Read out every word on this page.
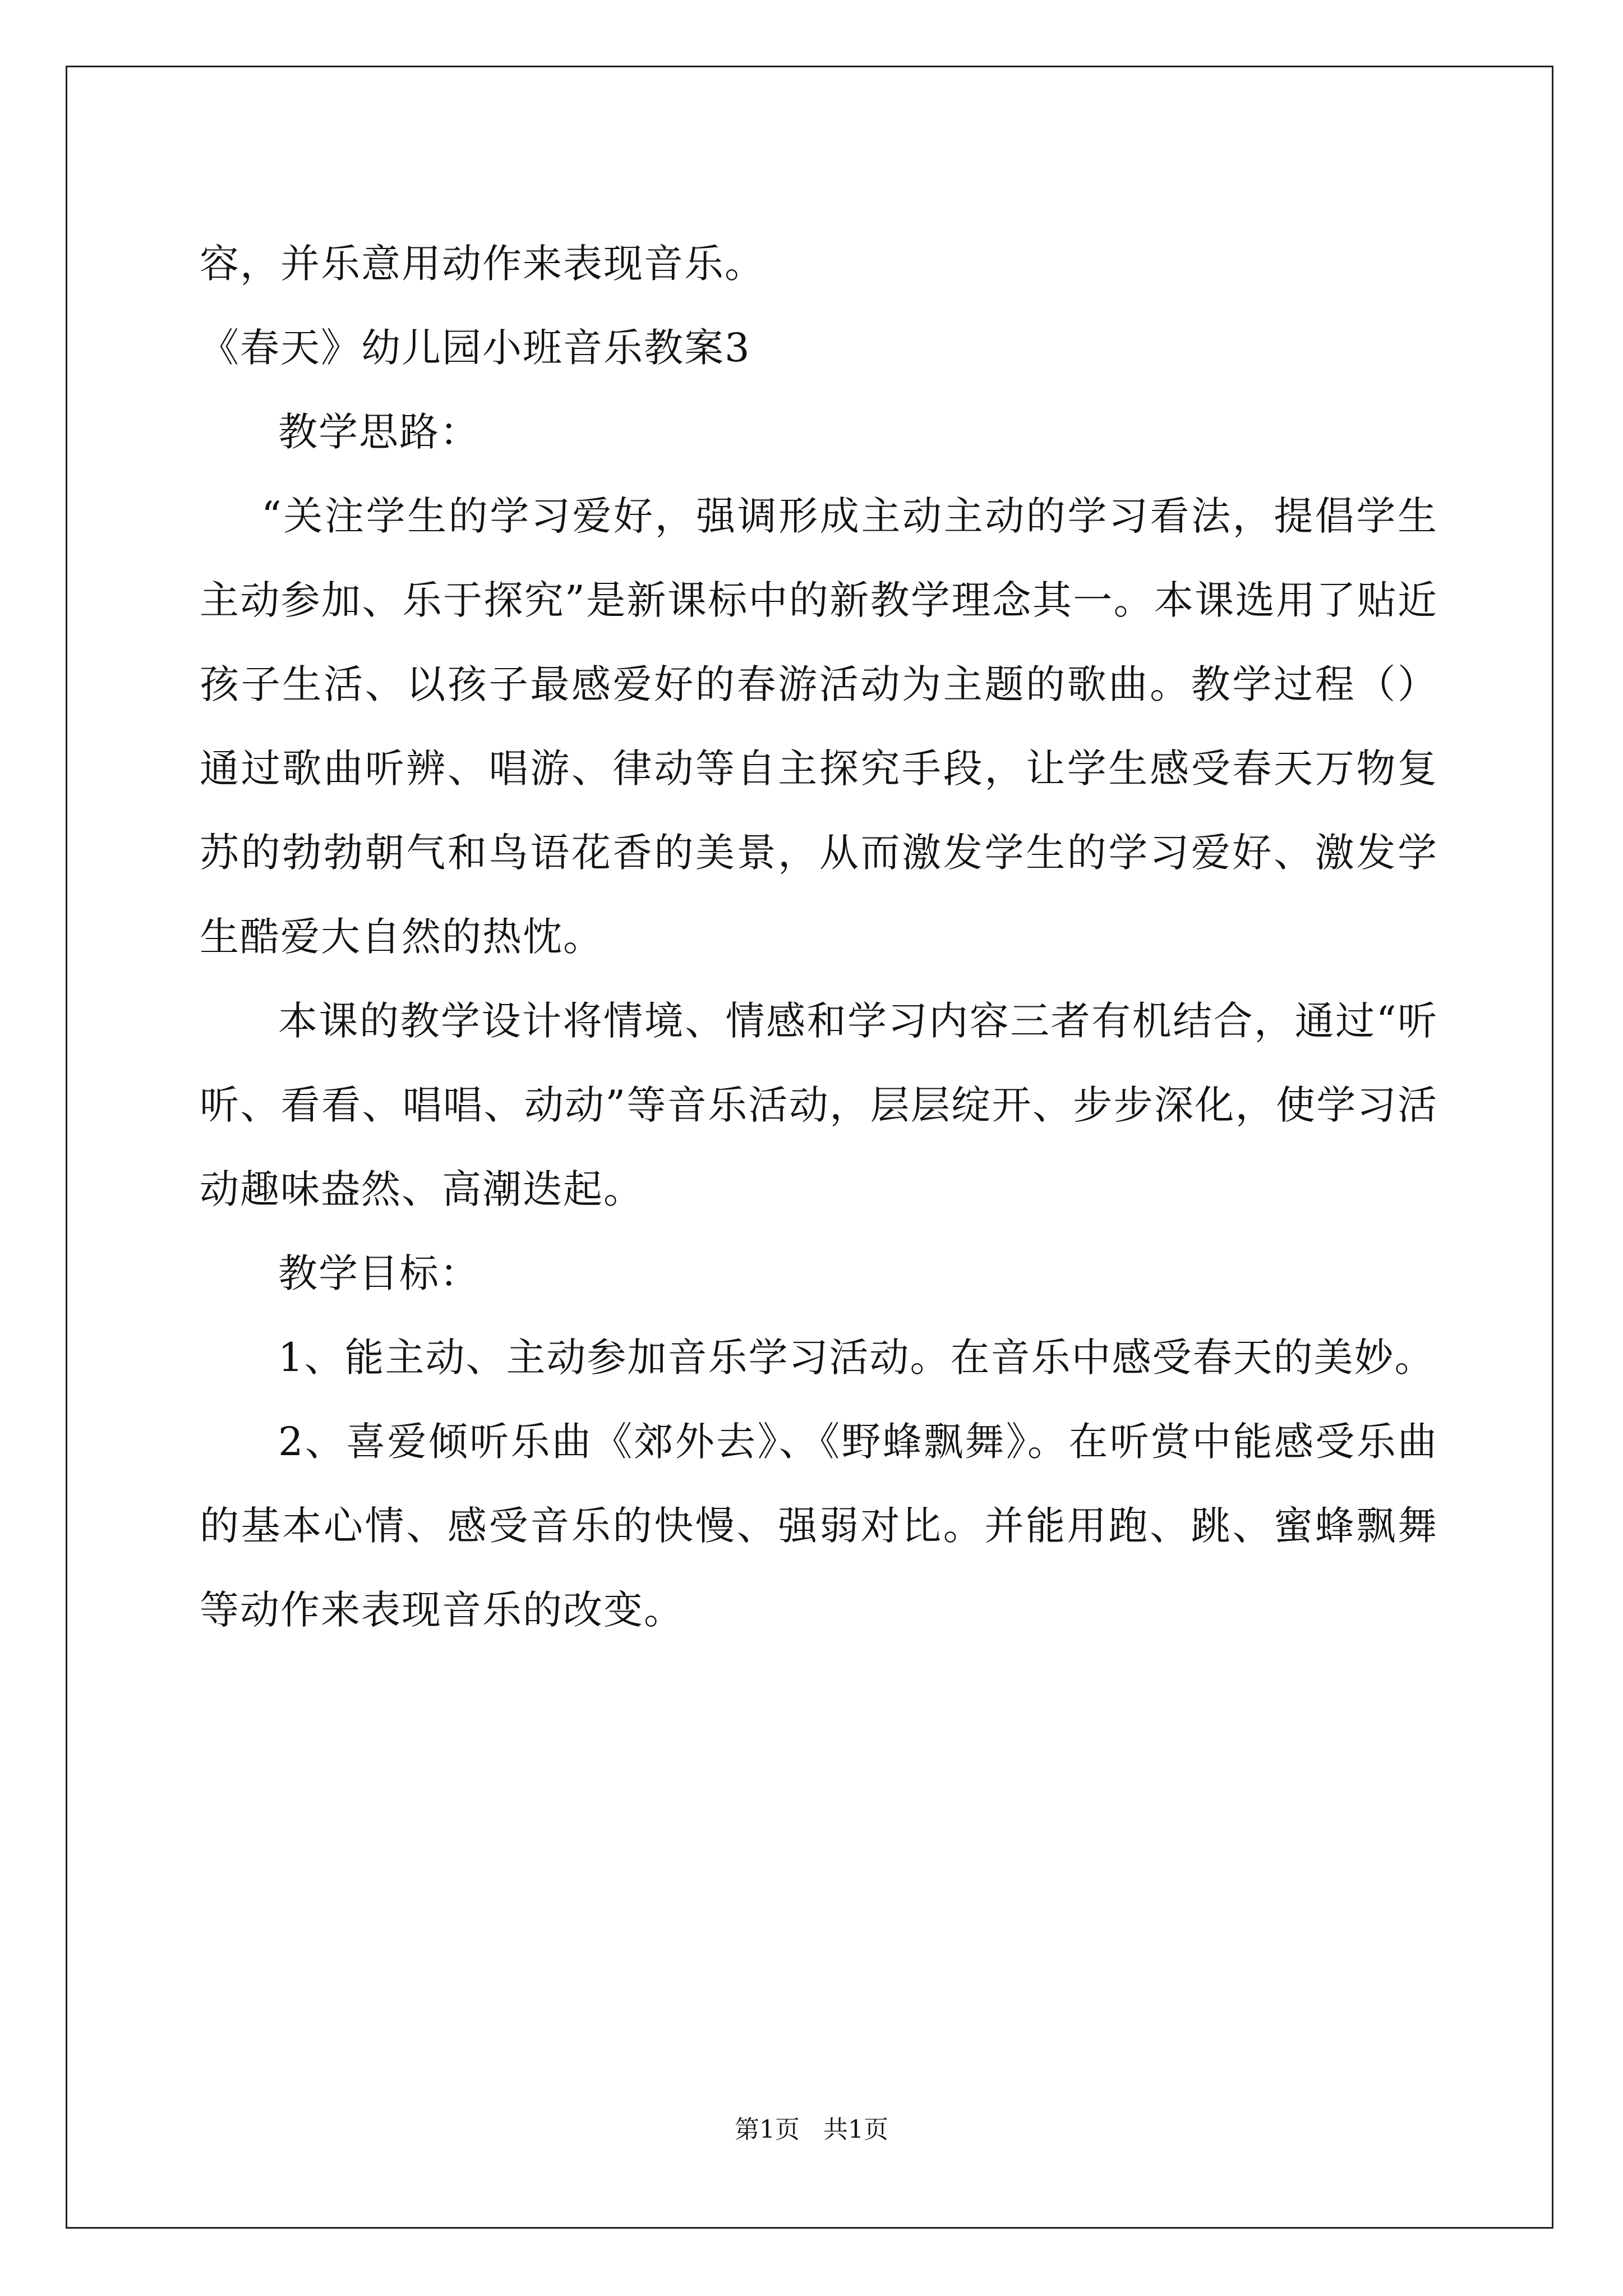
容，并乐意用动作来表现音乐。

《春天》幼儿园小班音乐教案3

教学思路：

“关注学生的学习爱好，强调形成主动主动的学习看法，提倡学生主动参加、乐于探究”是新课标中的新教学理念其一。本课选用了贴近孩子生活、以孩子最感爱好的春游活动为主题的歌曲。教学过程（）通过歌曲听辨、唱游、律动等自主探究手段，让学生感受春天万物复苏的勃勃朝气和鸟语花香的美景，从而激发学生的学习爱好、激发学生酷爱大自然的热忱。

本课的教学设计将情境、情感和学习内容三者有机结合，通过“听听、看看、唱唱、动动”等音乐活动，层层绽开、步步深化，使学习活动趣味盎然、高潮迭起。

教学目标：

1、能主动、主动参加音乐学习活动。在音乐中感受春天的美妙。

2、喜爱倾听乐曲《郊外去》、《野蜂飘舞》。在听赏中能感受乐曲的基本心情、感受音乐的快慢、强弱对比。并能用跑、跳、蜜蜂飘舞等动作来表现音乐的改变。

第1页 共1页
